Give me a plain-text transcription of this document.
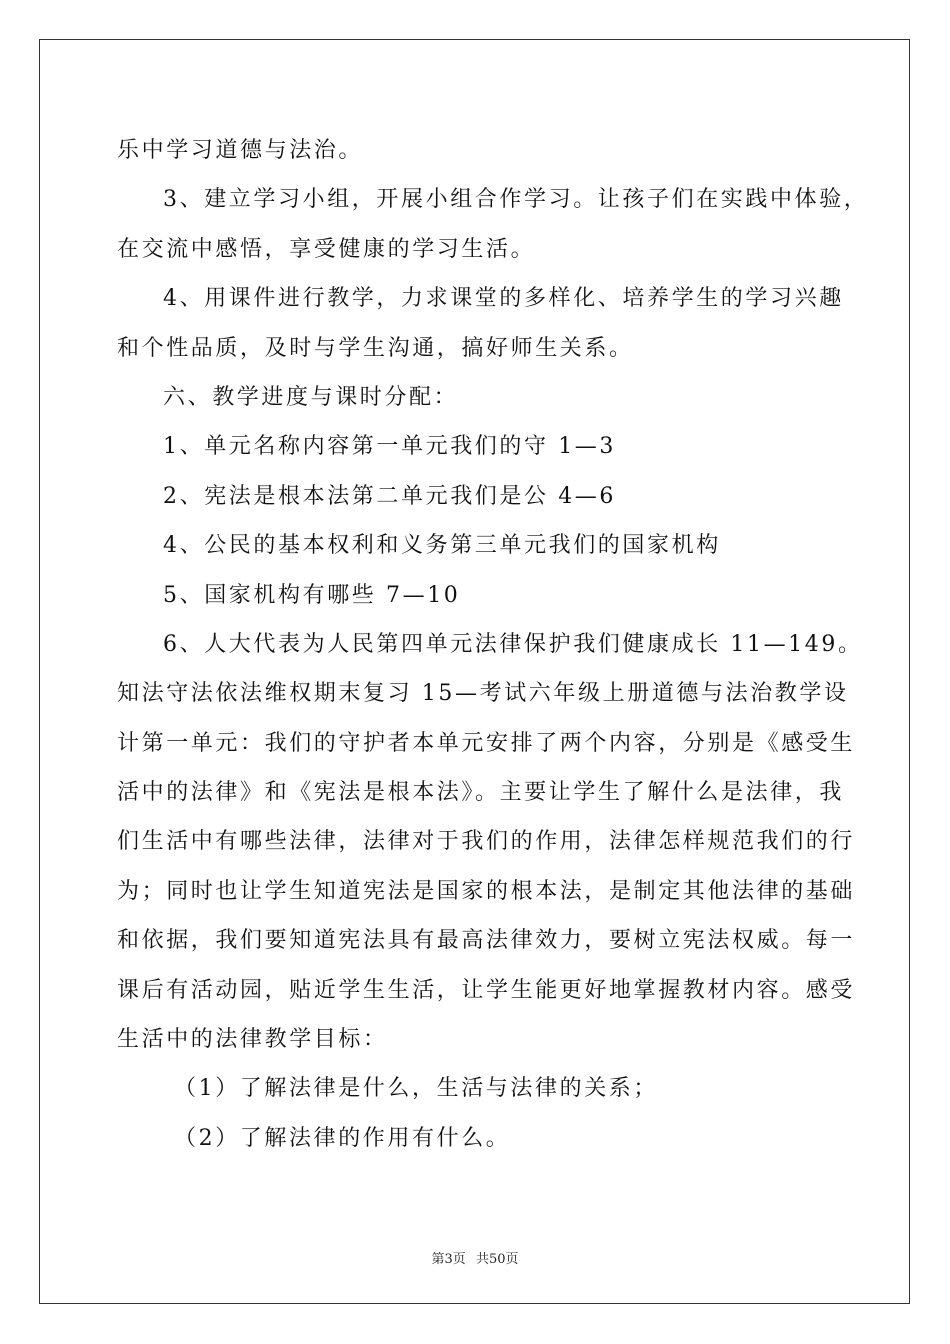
乐中学习道德与法治。
3、建立学习小组，开展小组合作学习。让孩子们在实践中体验，
在交流中感悟，享受健康的学习生活。
4、用课件进行教学，力求课堂的多样化、培养学生的学习兴趣
和个性品质，及时与学生沟通，搞好师生关系。
六、教学进度与课时分配：
1、单元名称内容第一单元我们的守 1—3
2、宪法是根本法第二单元我们是公 4—6
4、公民的基本权利和义务第三单元我们的国家机构
5、国家机构有哪些 7—10
6、人大代表为人民第四单元法律保护我们健康成长 11—149。
知法守法依法维权期末复习 15—考试六年级上册道德与法治教学设
计第一单元：我们的守护者本单元安排了两个内容，分别是《感受生
活中的法律》和《宪法是根本法》。主要让学生了解什么是法律，我
们生活中有哪些法律，法律对于我们的作用，法律怎样规范我们的行
为；同时也让学生知道宪法是国家的根本法，是制定其他法律的基础
和依据，我们要知道宪法具有最高法律效力，要树立宪法权威。每一
课后有活动园，贴近学生生活，让学生能更好地掌握教材内容。感受
生活中的法律教学目标：
（1）了解法律是什么，生活与法律的关系；
（2）了解法律的作用有什么。
第3页 共50页
